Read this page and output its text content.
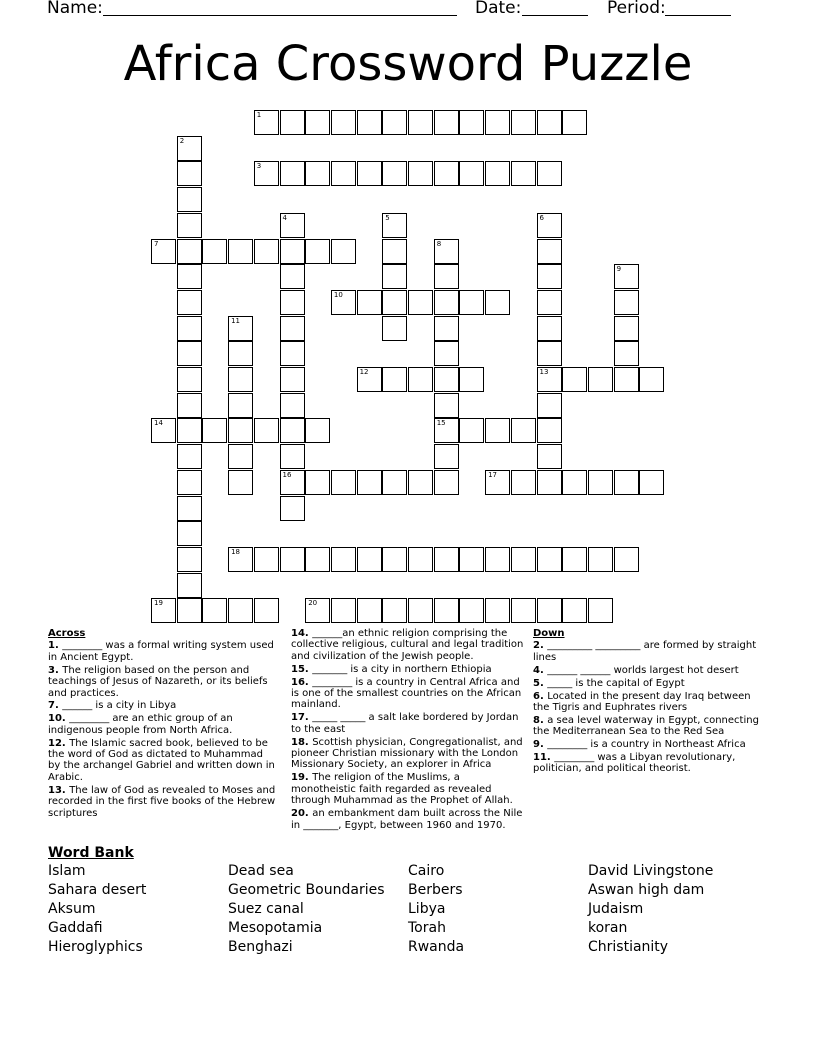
Name:	Date:	Period:
Africa Crossword Puzzle
1
2
3
4
16
5	6
13
7	8
15
9
10
11
12
14
17
18
19	20
Across
1. ________ was a formal writing system used in Ancient Egypt.
3. The religion based on the person and teachings of Jesus of Nazareth, or its beliefs and practices.
7. ______ is a city in Libya
10. ________ are an ethic group of an indigenous people from North Africa.
12. The Islamic sacred book, believed to be the word of God as dictated to Muhammad by the archangel Gabriel and written down in Arabic.
13. The law of God as revealed to Moses and recorded in the first five books of the Hebrew scriptures
14. ______an ethnic religion comprising the collective religious, cultural and legal tradition and civilization of the Jewish people.
15. _______ is a city in northern Ethiopia
16. ________ is a country in Central Africa and is one of the smallest countries on the African mainland.
17. _____ _____ a salt lake bordered by Jordan to the east
18. Scottish physician, Congregationalist, and pioneer Christian missionary with the London Missionary Society, an explorer in Africa
19. The religion of the Muslims, a monotheistic faith regarded as revealed through Muhammad as the Prophet of Allah.
20. an embankment dam built across the Nile in _______, Egypt, between 1960 and 1970.
Down
2. _________ _________ are formed by straight lines
4. ______ ______ worlds largest hot desert
5. _____ is the capital of Egypt
6. Located in the present day Iraq between the Tigris and Euphrates rivers
8. a sea level waterway in Egypt, connecting the Mediterranean Sea to the Red Sea
9. ________ is a country in Northeast Africa
11. ________ was a Libyan revolutionary, politician, and political theorist.
Word Bank
Islam
Sahara desert
Aksum
Gaddafi
Hieroglyphics
Dead sea
Geometric Boundaries
Suez canal
Mesopotamia
Benghazi
Cairo
Berbers
Libya
Torah
Rwanda
David Livingstone
Aswan high dam
Judaism
koran
Christianity
